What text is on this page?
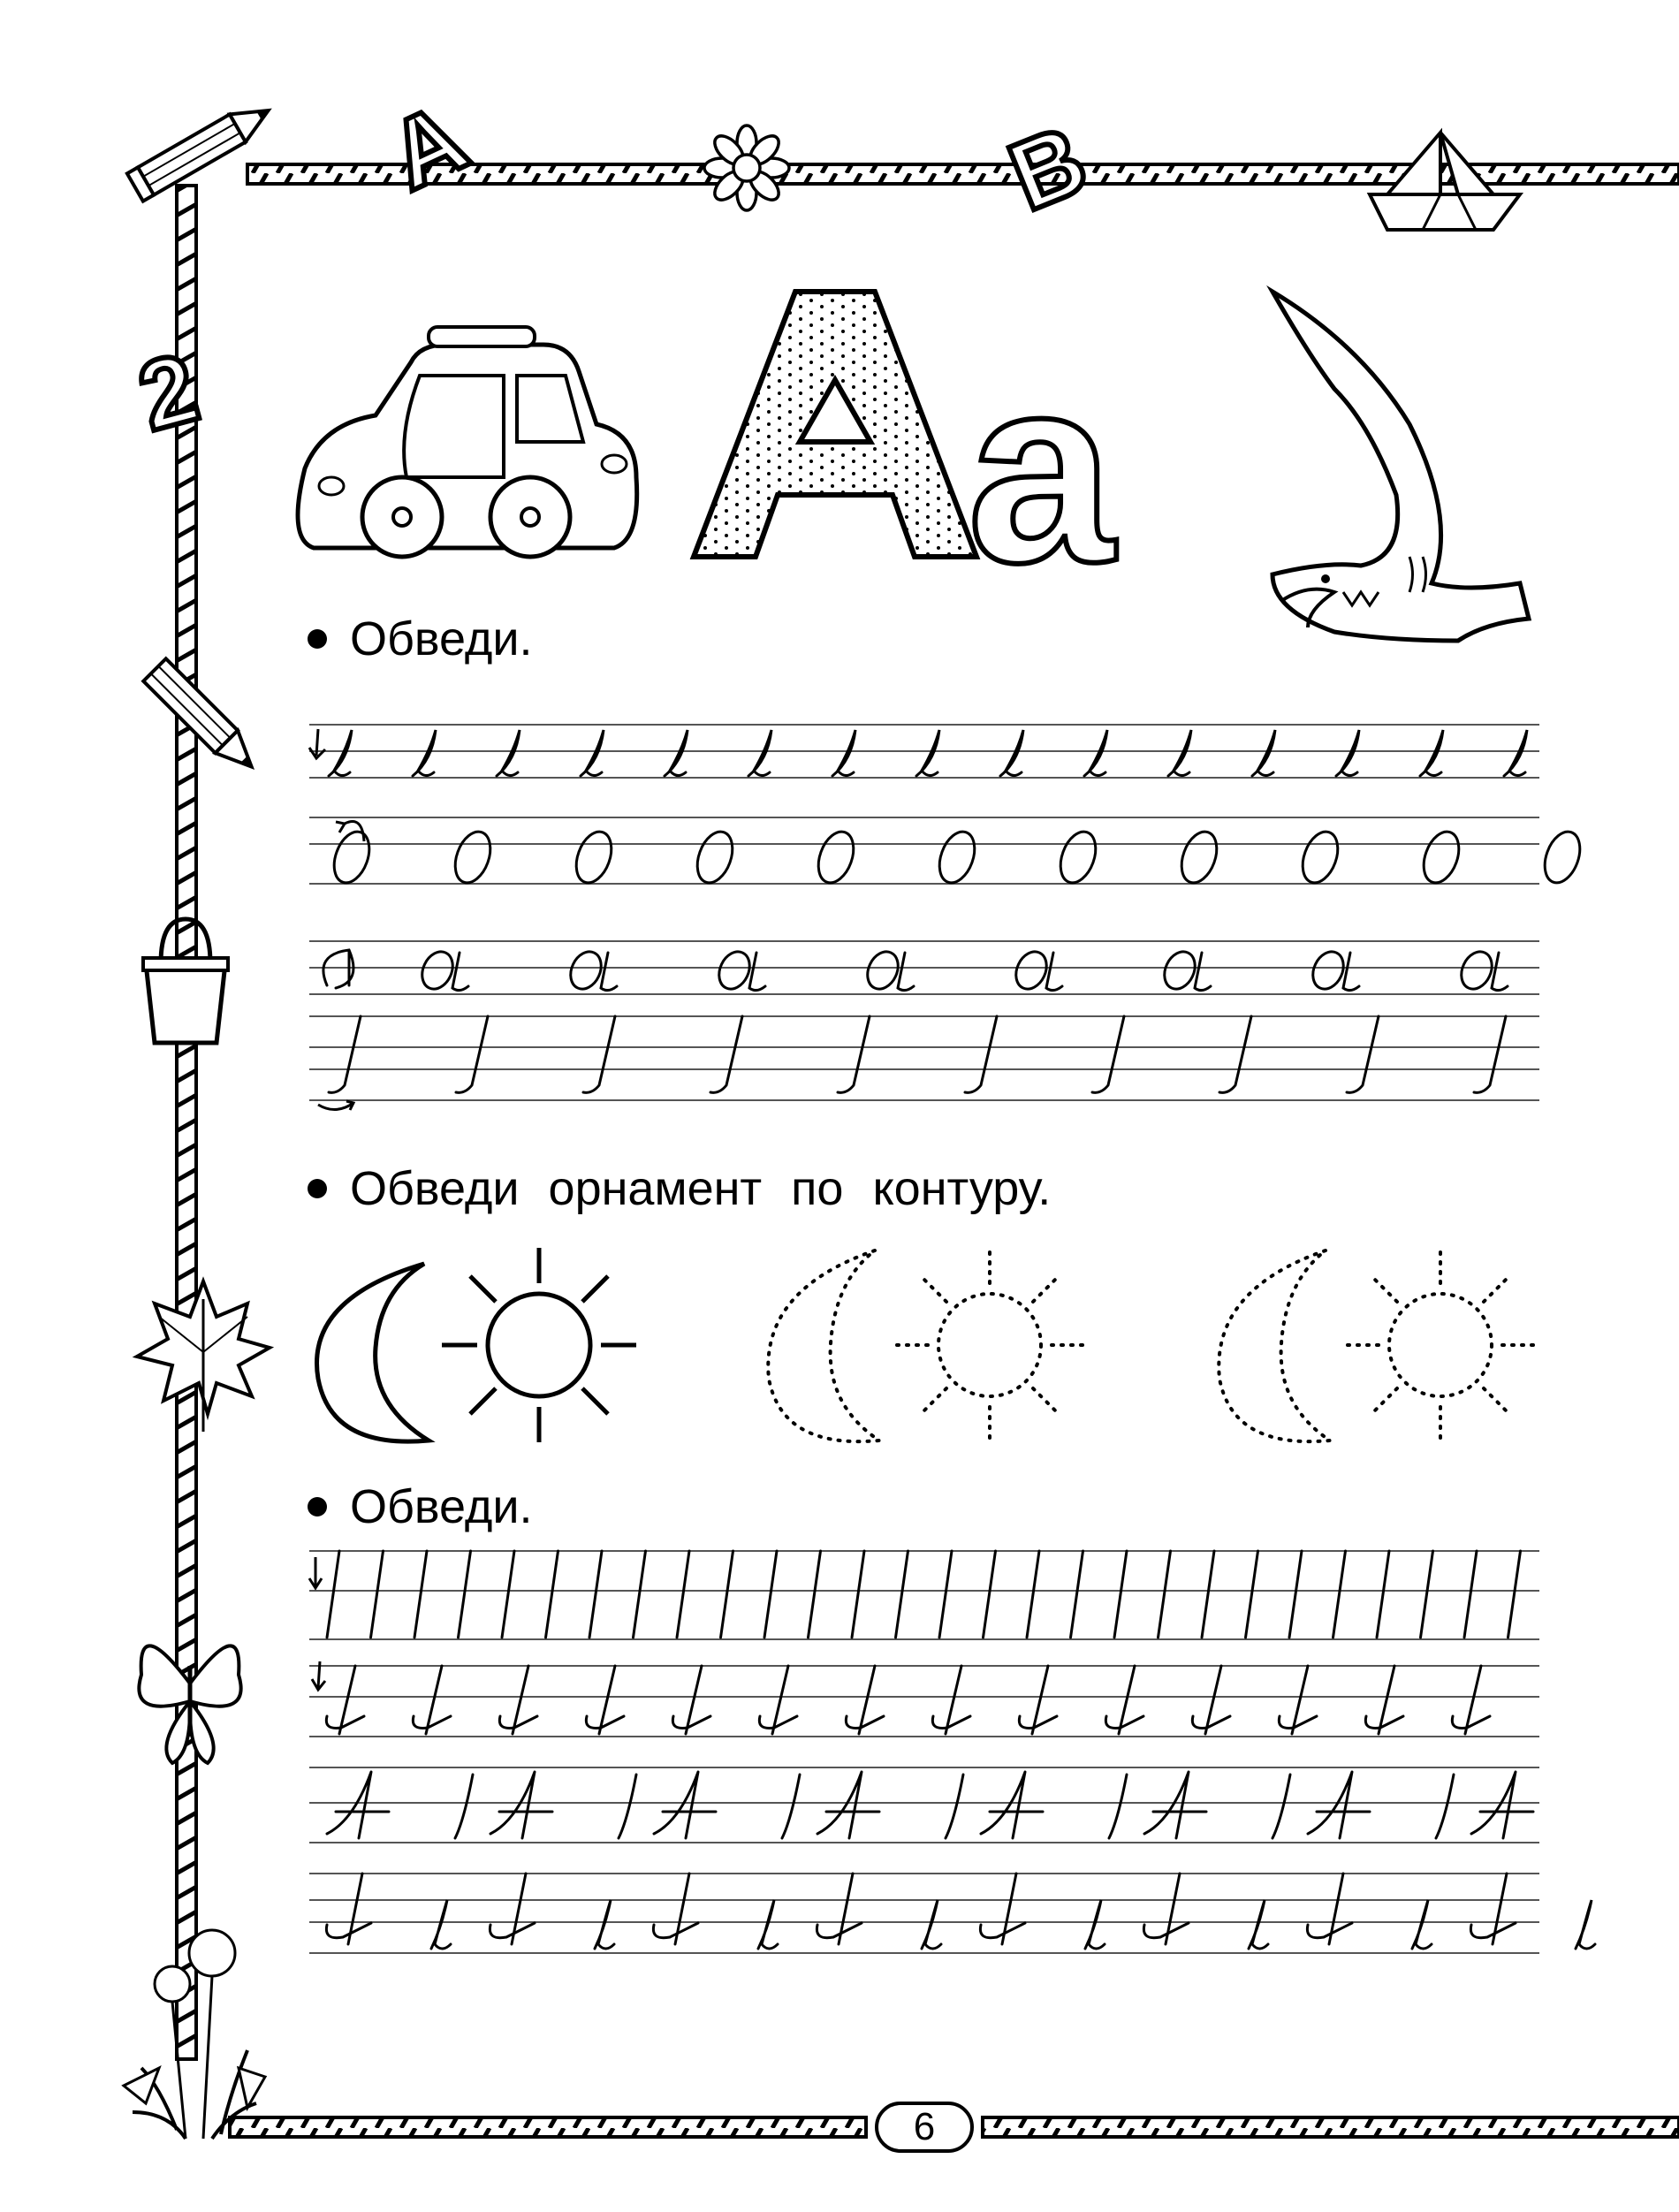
A	B
2	a
Обведи.
Обведи орнамент по контуру.
Обведи.
6
